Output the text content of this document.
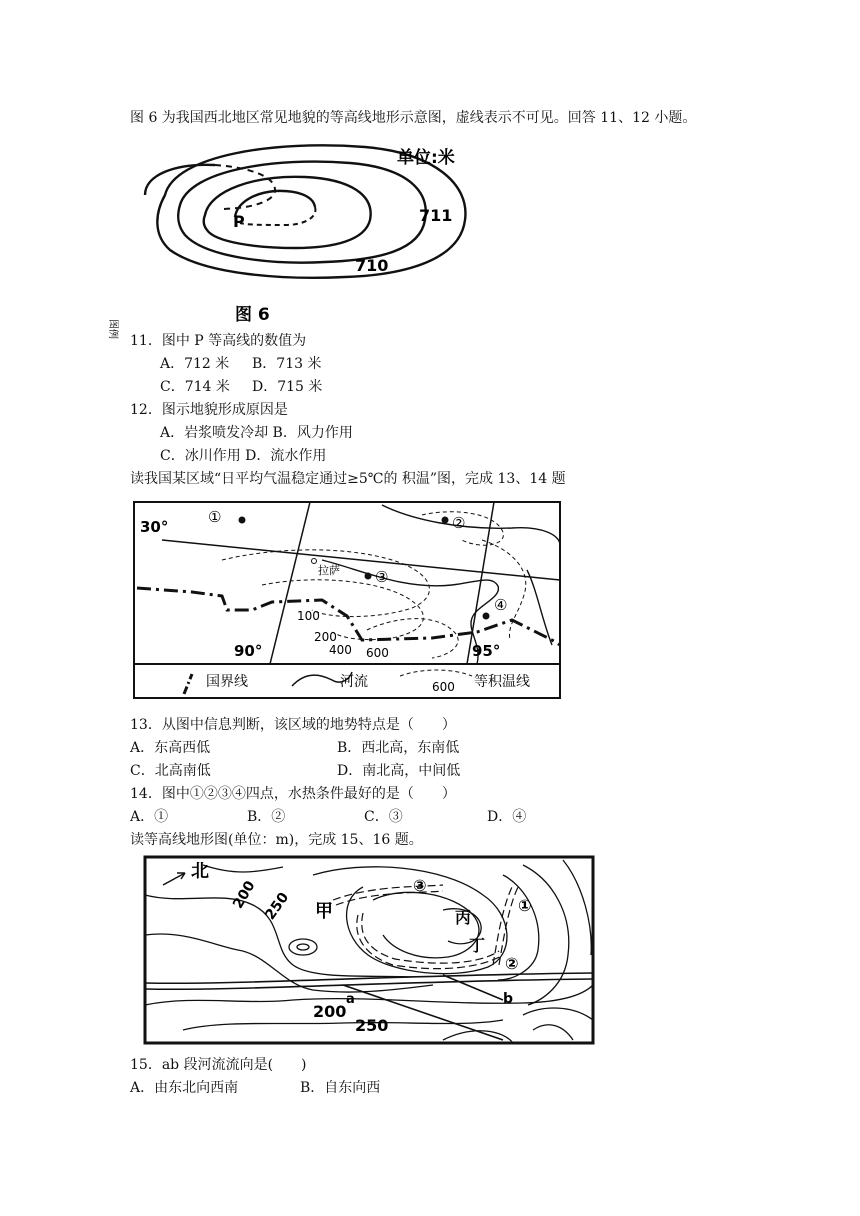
图 6 为我国西北地区常见地貌的等高线地形示意图，虚线表示不可见。回答 11、12 小题。
单位:米
P	711
710
图 6
11．图中 P 等高线的数值为
A．712 米 B．713 米
C．714 米 D．715 米
12．图示地貌形成原因是
A．岩浆喷发冷却 B．风力作用
C．冰川作用 D．流水作用
读我国某区域“日平均气温稳定通过≥5℃的 积温”图，完成 13、14 题
30°
90°	95°
①	②
③
④
拉萨
100
200
400 600
图例
国界线	河流	600 等积温线
13．从图中信息判断，该区域的地势特点是（　　）
A．东高西低	B．西北高，东南低
C．北高南低	D．南北高，中间低
14．图中①②③④四点，水热条件最好的是（　　）
A．①	B．②	C．③	D．④
读等高线地形图(单位：m)，完成 15、16 题。
北
200 250 甲	丙
丁
①
②
③
a	b
200
250
15．ab 段河流流向是(　　)
A．由东北向西南	B．自东向西
